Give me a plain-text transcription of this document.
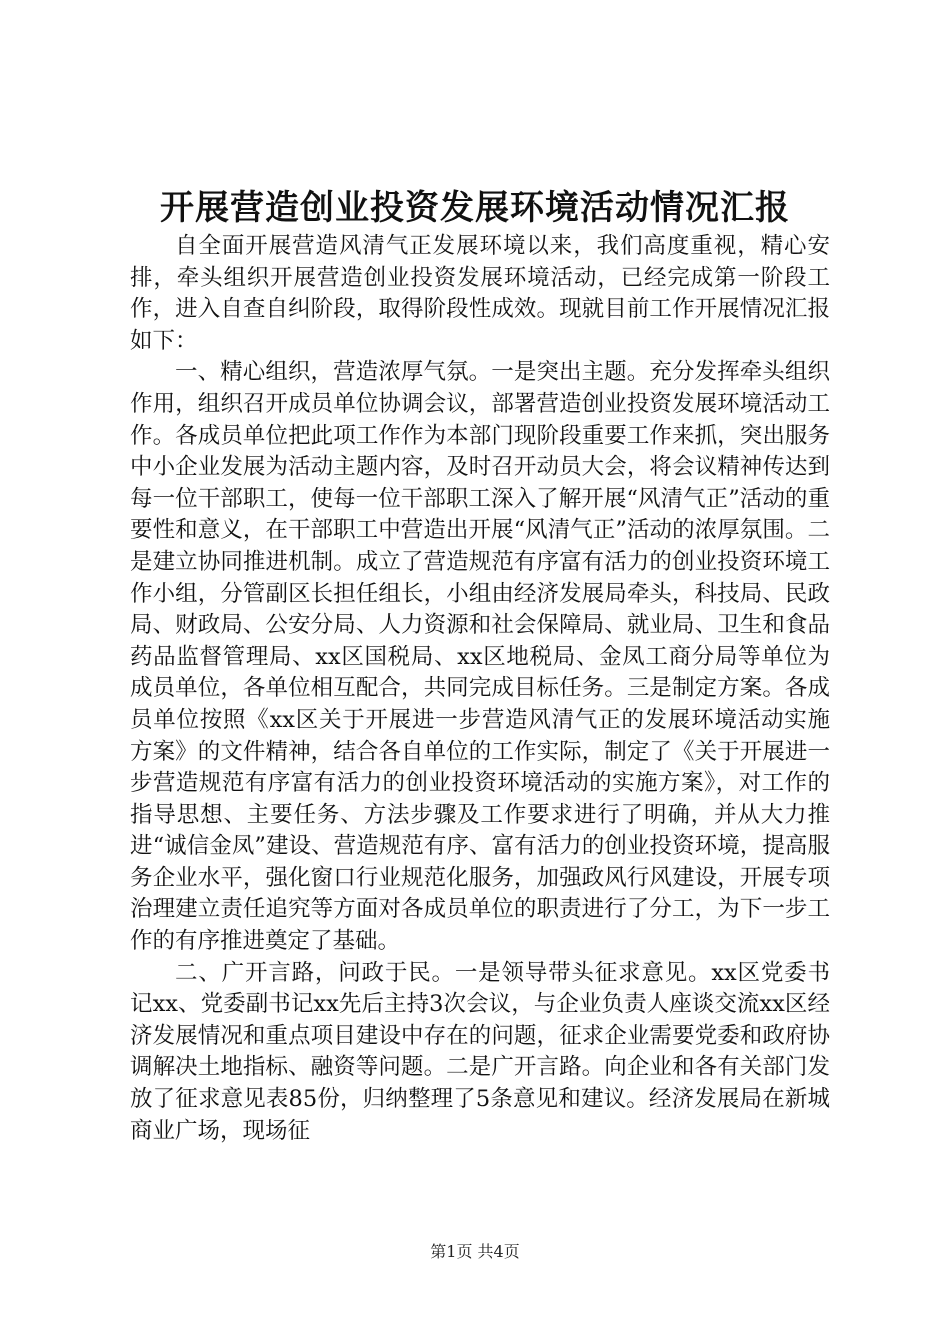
开展营造创业投资发展环境活动情况汇报

自全面开展营造风清气正发展环境以来，我们高度重视，精心安排，牵头组织开展营造创业投资发展环境活动，已经完成第一阶段工作，进入自查自纠阶段，取得阶段性成效。现就目前工作开展情况汇报如下：

一、精心组织，营造浓厚气氛。一是突出主题。充分发挥牵头组织作用，组织召开成员单位协调会议，部署营造创业投资发展环境活动工作。各成员单位把此项工作作为本部门现阶段重要工作来抓，突出服务中小企业发展为活动主题内容，及时召开动员大会，将会议精神传达到每一位干部职工，使每一位干部职工深入了解开展“风清气正”活动的重要性和意义，在干部职工中营造出开展“风清气正”活动的浓厚氛围。二是建立协同推进机制。成立了营造规范有序富有活力的创业投资环境工作小组，分管副区长担任组长，小组由经济发展局牵头，科技局、民政局、财政局、公安分局、人力资源和社会保障局、就业局、卫生和食品药品监督管理局、xx区国税局、xx区地税局、金凤工商分局等单位为成员单位，各单位相互配合，共同完成目标任务。三是制定方案。各成员单位按照《xx区关于开展进一步营造风清气正的发展环境活动实施方案》的文件精神，结合各自单位的工作实际，制定了《关于开展进一步营造规范有序富有活力的创业投资环境活动的实施方案》，对工作的指导思想、主要任务、方法步骤及工作要求进行了明确，并从大力推进“诚信金凤”建设、营造规范有序、富有活力的创业投资环境，提高服务企业水平，强化窗口行业规范化服务，加强政风行风建设，开展专项治理建立责任追究等方面对各成员单位的职责进行了分工，为下一步工作的有序推进奠定了基础。

二、广开言路，问政于民。一是领导带头征求意见。xx区党委书记xx、党委副书记xx先后主持3次会议，与企业负责人座谈交流xx区经济发展情况和重点项目建设中存在的问题，征求企业需要党委和政府协调解决土地指标、融资等问题。二是广开言路。向企业和各有关部门发放了征求意见表85份，归纳整理了5条意见和建议。经济发展局在新城商业广场，现场征

第1页 共4页
